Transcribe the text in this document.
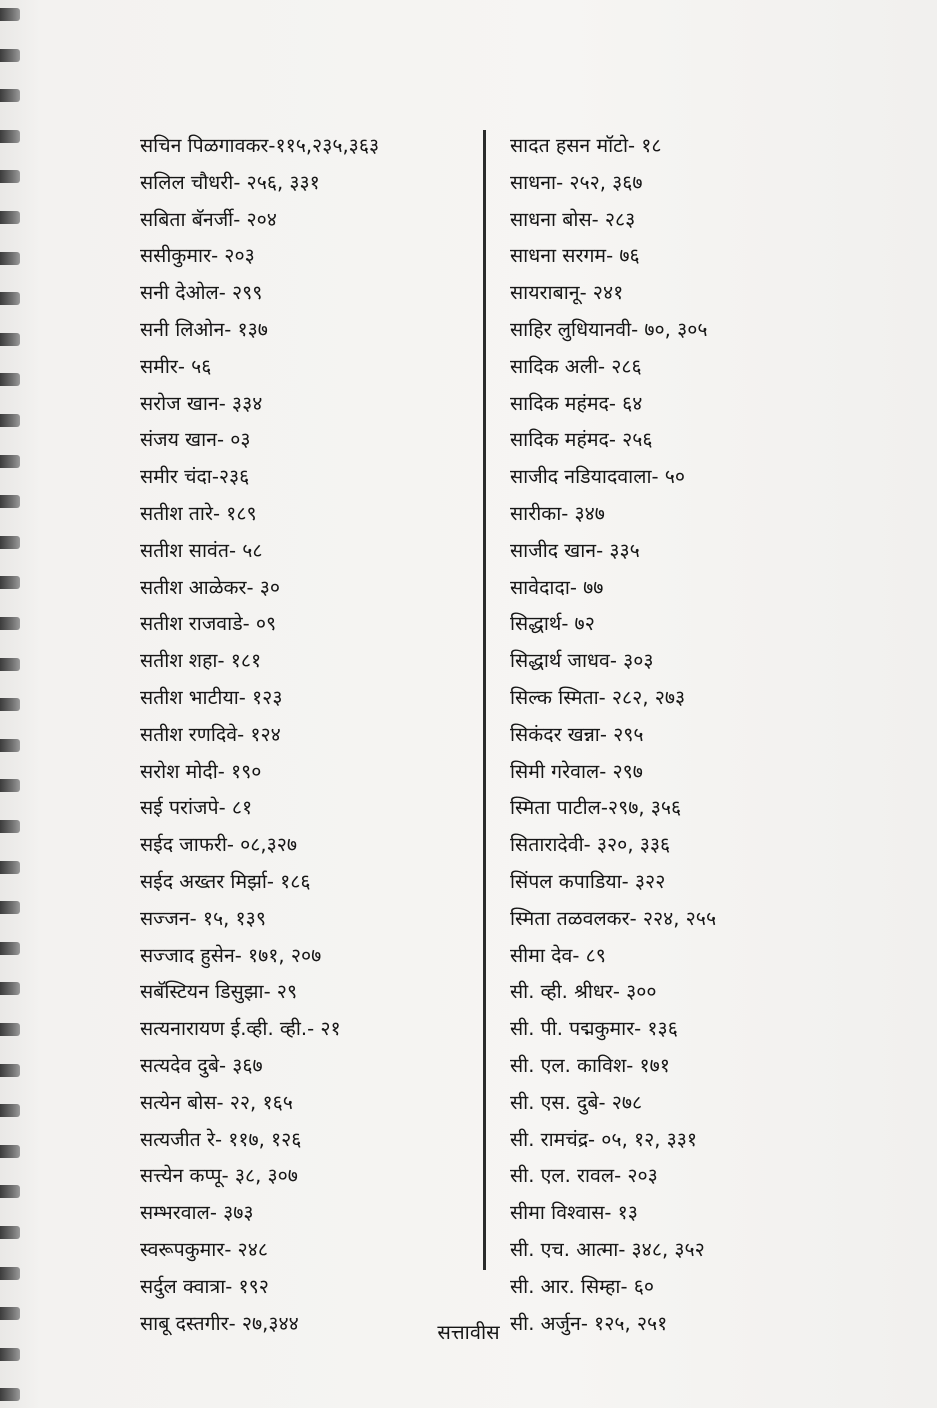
सचिन पिळगावकर-११५,२३५,३६३
सलिल चौधरी- २५६, ३३१
सबिता बॅनर्जी- २०४
ससीकुमार- २०३
सनी देओल- २९९
सनी लिओन- १३७
समीर- ५६
सरोज खान- ३३४
संजय खान- ०३
समीर चंदा-२३६
सतीश तारे- १८९
सतीश सावंत- ५८
सतीश आळेकर- ३०
सतीश राजवाडे- ०९
सतीश शहा- १८१
सतीश भाटीया- १२३
सतीश रणदिवे- १२४
सरोश मोदी- १९०
सई परांजपे- ८१
सईद जाफरी- ०८,३२७
सईद अख्तर मिर्झा- १८६
सज्जन- १५, १३९
सज्जाद हुसेन- १७१, २०७
सबॅस्टियन डिसुझा- २९
सत्यनारायण ई.व्ही. व्ही.- २१
सत्यदेव दुबे- ३६७
सत्येन बोस- २२, १६५
सत्यजीत रे- ११७, १२६
सत्त्येन कप्पू- ३८, ३०७
सम्भरवाल- ३७३
स्वरूपकुमार- २४८
सर्दुल क्वात्रा- १९२
साबू दस्तगीर- २७,३४४
सादत हसन मॉटो- १८
साधना- २५२, ३६७
साधना बोस- २८३
साधना सरगम- ७६
सायराबानू- २४१
साहिर लुधियानवी- ७०, ३०५
सादिक अली- २८६
सादिक महंमद- ६४
सादिक महंमद- २५६
साजीद नडियादवाला- ५०
सारीका- ३४७
साजीद खान- ३३५
सावेदादा- ७७
सिद्धार्थ- ७२
सिद्धार्थ जाधव- ३०३
सिल्क स्मिता- २८२, २७३
सिकंदर खन्ना- २९५
सिमी गरेवाल- २९७
स्मिता पाटील-२९७, ३५६
सितारादेवी- ३२०, ३३६
सिंपल कपाडिया- ३२२
स्मिता तळवलकर- २२४, २५५
सीमा देव- ८९
सी. व्ही. श्रीधर- ३००
सी. पी. पद्मकुमार- १३६
सी. एल. काविश- १७१
सी. एस. दुबे- २७८
सी. रामचंद्र- ०५, १२, ३३१
सी. एल. रावल- २०३
सीमा विश्वास- १३
सी. एच. आत्मा- ३४८, ३५२
सी. आर. सिम्हा- ६०
सी. अर्जुन- १२५, २५१
सत्तावीस
